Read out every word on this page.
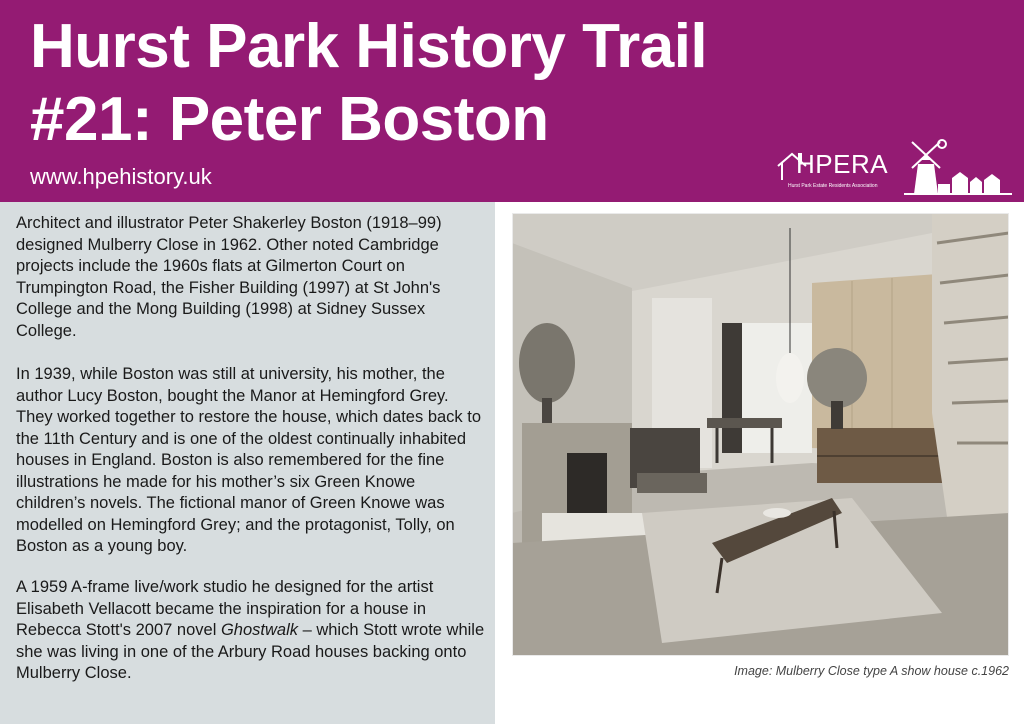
Hurst Park History Trail
#21: Peter Boston
www.hpehistory.uk	HPERA
Hurst Park Estate Residents Association

Architect and illustrator Peter Shakerley Boston (1918–99) designed Mulberry Close in 1962. Other noted Cambridge projects include the 1960s flats at Gilmerton Court on Trumpington Road, the Fisher Building (1997) at St John's College and the Mong Building (1998) at Sidney Sussex College.

In 1939, while Boston was still at university, his mother, the author Lucy Boston, bought the Manor at Hemingford Grey. They worked together to restore the house, which dates back to the 11th Century and is one of the oldest continually inhabited houses in England. Boston is also remembered for the fine illustrations he made for his mother’s six Green Knowe children’s novels. The fictional manor of Green Knowe was modelled on Hemingford Grey; and the protagonist, Tolly, on Boston as a young boy.

A 1959 A-frame live/work studio he designed for the artist Elisabeth Vellacott became the inspiration for a house in Rebecca Stott's 2007 novel Ghostwalk – which Stott wrote while she was living in one of the Arbury Road houses backing onto Mulberry Close.	Image: Mulberry Close type A show house c.1962
